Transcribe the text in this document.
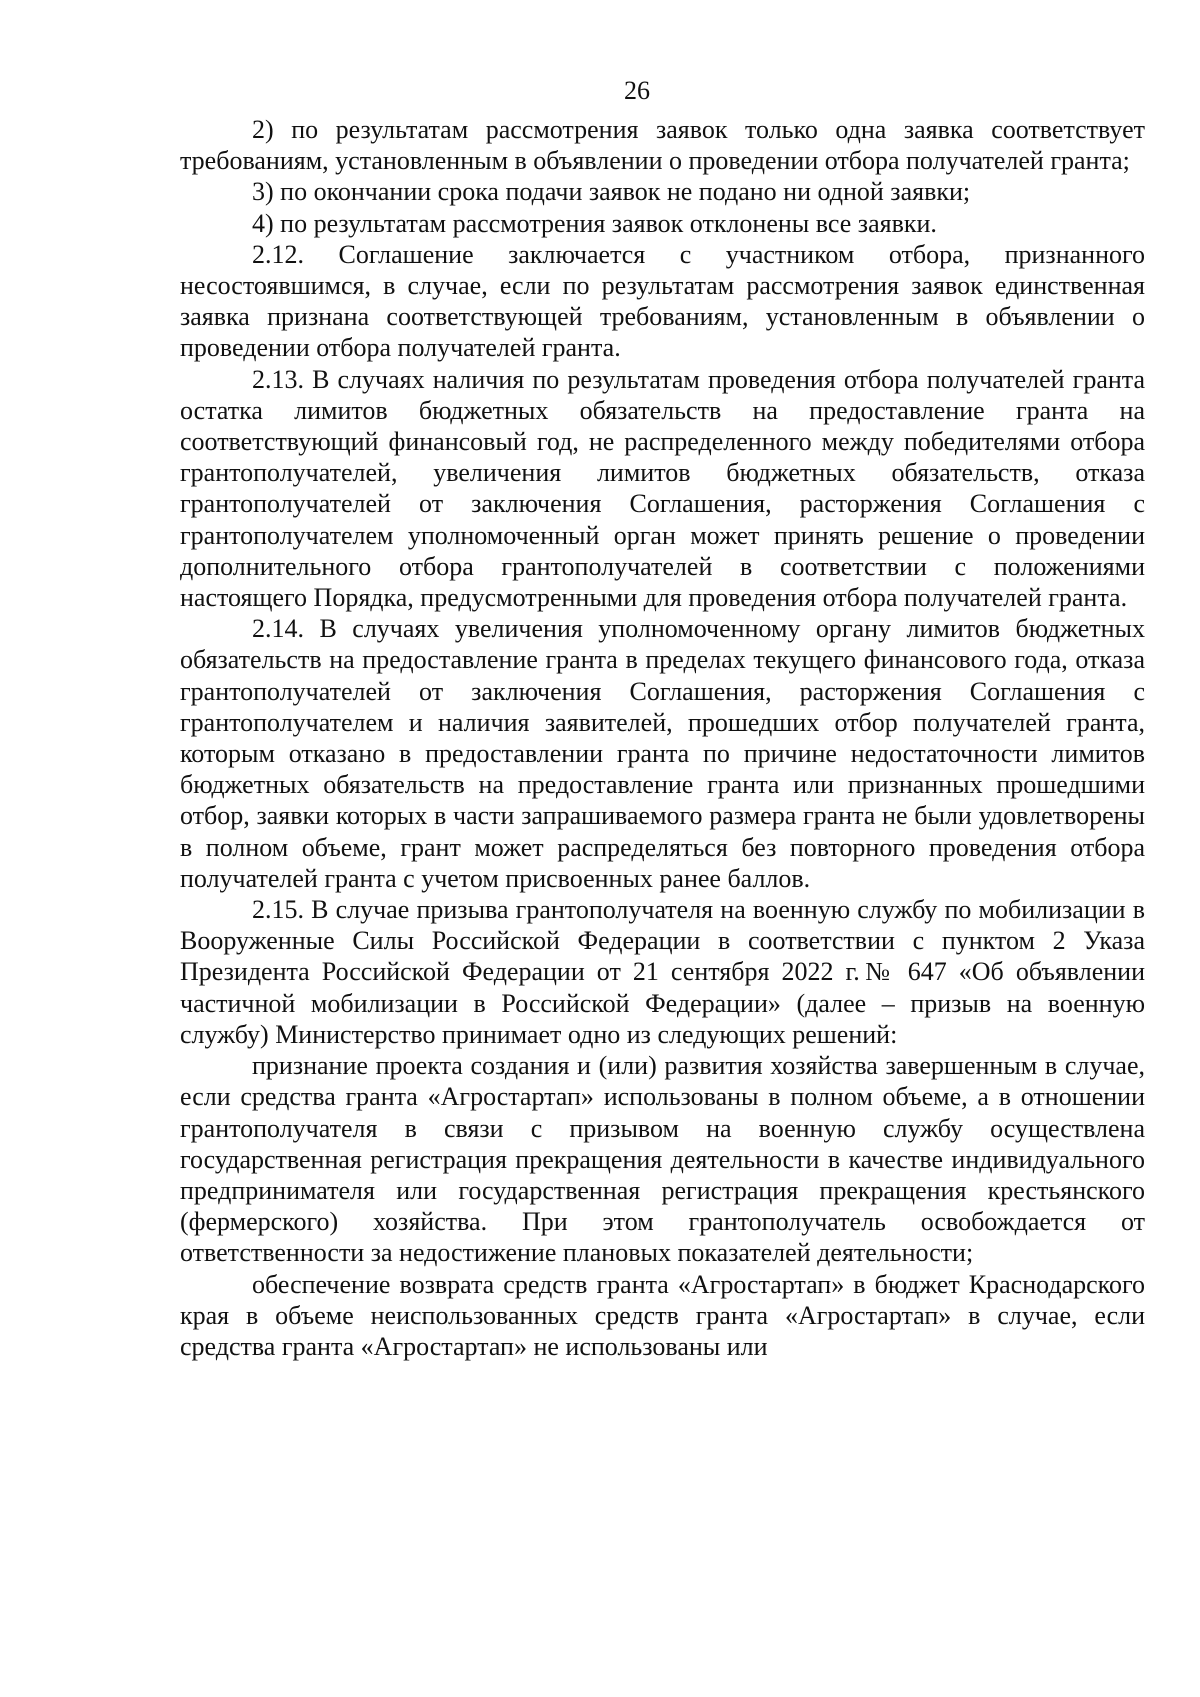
26

2) по результатам рассмотрения заявок только одна заявка соответствует требованиям, установленным в объявлении о проведении отбора получателей гранта;

3) по окончании срока подачи заявок не подано ни одной заявки;

4) по результатам рассмотрения заявок отклонены все заявки.

2.12. Соглашение заключается с участником отбора, признанного несостоявшимся, в случае, если по результатам рассмотрения заявок единственная заявка признана соответствующей требованиям, установленным в объявлении о проведении отбора получателей гранта.

2.13. В случаях наличия по результатам проведения отбора получателей гранта остатка лимитов бюджетных обязательств на предоставление гранта на соответствующий финансовый год, не распределенного между победителями отбора грантополучателей, увеличения лимитов бюджетных обязательств, отказа грантополучателей от заключения Соглашения, расторжения Соглашения с грантополучателем уполномоченный орган может принять решение о проведении дополнительного отбора грантополучателей в соответствии с положениями настоящего Порядка, предусмотренными для проведения отбора получателей гранта.

2.14. В случаях увеличения уполномоченному органу лимитов бюджетных обязательств на предоставление гранта в пределах текущего финансового года, отказа грантополучателей от заключения Соглашения, расторжения Соглашения с грантополучателем и наличия заявителей, прошедших отбор получателей гранта, которым отказано в предоставлении гранта по причине недостаточности лимитов бюджетных обязательств на предоставление гранта или признанных прошедшими отбор, заявки которых в части запрашиваемого размера гранта не были удовлетворены в полном объеме, грант может распределяться без повторного проведения отбора получателей гранта с учетом присвоенных ранее баллов.

2.15. В случае призыва грантополучателя на военную службу по мобилизации в Вооруженные Силы Российской Федерации в соответствии с пунктом 2 Указа Президента Российской Федерации от 21 сентября 2022 г.№ 647 «Об объявлении частичной мобилизации в Российской Федерации» (далее – призыв на военную службу) Министерство принимает одно из следующих решений:

признание проекта создания и (или) развития хозяйства завершенным в случае, если средства гранта «Агростартап» использованы в полном объеме, а в отношении грантополучателя в связи с призывом на военную службу осуществлена государственная регистрация прекращения деятельности в качестве индивидуального предпринимателя или государственная регистрация прекращения крестьянского (фермерского) хозяйства. При этом грантополучатель освобождается от ответственности за недостижение плановых показателей деятельности;

обеспечение возврата средств гранта «Агростартап» в бюджет Краснодарского края в объеме неиспользованных средств гранта «Агростартап» в случае, если средства гранта «Агростартап» не использованы или
